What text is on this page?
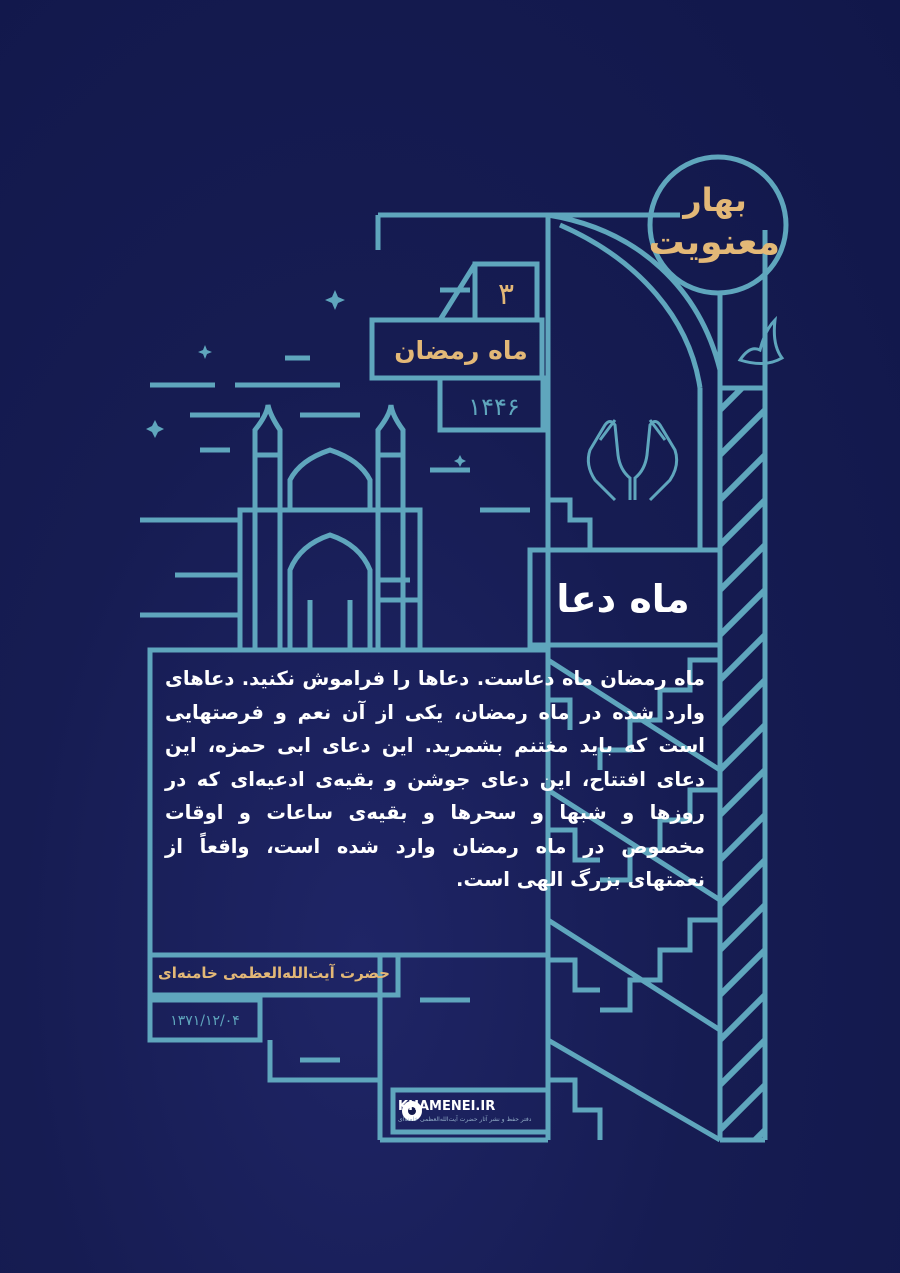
بهار
معنویت
۳
ماه رمضان
۱۴۴۶
ماه دعا
ماه رمضان ماه دعاست. دعاها را فراموش نکنید. دعاهای وارد شده در ماه رمضان، یکی از آن نعم و فرصتهایی است که باید مغتنم بشمرید. این دعای ابی حمزه، این دعای افتتاح، این دعای جوشن و بقیه‌ی ادعیه‌ای که در روزها و شبها و سحرها و بقیه‌ی ساعات و اوقات مخصوص در ماه رمضان وارد شده است، واقعاً از نعمتهای بزرگ الهی است.
حضرت آیت‌الله‌العظمی خامنه‌ای
۱۳۷۱/۱۲/۰۴
KHAMENEI.IR
دفتر حفظ و نشر آثار حضرت آیت‌الله‌العظمی خامنه‌ای
